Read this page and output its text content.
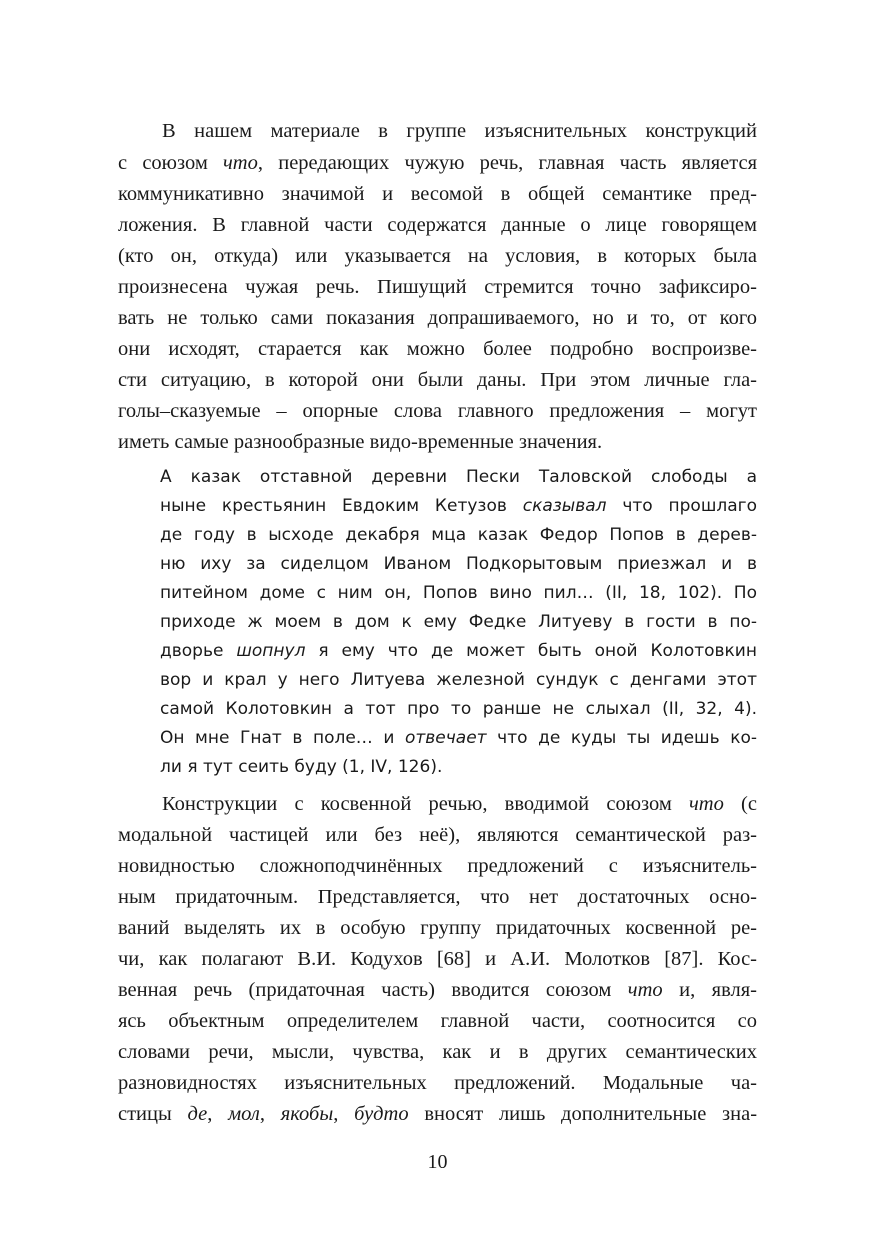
В нашем материале в группе изъяснительных конструкций
с союзом что, передающих чужую речь, главная часть является
коммуникативно значимой и весомой в общей семантике пред-
ложения. В главной части содержатся данные о лице говорящем
(кто он, откуда) или указывается на условия, в которых была
произнесена чужая речь. Пишущий стремится точно зафиксиро-
вать не только сами показания допрашиваемого, но и то, от кого
они исходят, старается как можно более подробно воспроизве-
сти ситуацию, в которой они были даны. При этом личные гла-
голы–сказуемые – опорные слова главного предложения – могут
иметь самые разнообразные видо-временные значения.
А казак отставной деревни Пески Таловской слободы а
ныне крестьянин Евдоким Кетузов сказывал что прошлаго
де году в ысходе декабря мца казак Федор Попов в дерев-
ню иху за сиделцом Иваном Подкорытовым приезжал и в
питейном доме с ним он, Попов вино пил… (II, 18, 102). По
приходе ж моем в дом к ему Федке Литуеву в гости в по-
дворье шопнул я ему что де может быть оной Колотовкин
вор и крал у него Литуева железной сундук с денгами этот
самой Колотовкин а тот про то ранше не слыхал (II, 32, 4).
Он мне Гнат в поле… и отвечает что де куды ты идешь ко-
ли я тут сеить буду (1, IV, 126).
Конструкции с косвенной речью, вводимой союзом что (с
модальной частицей или без неё), являются семантической раз-
новидностью сложноподчинённых предложений с изъяснитель-
ным придаточным. Представляется, что нет достаточных осно-
ваний выделять их в особую группу придаточных косвенной ре-
чи, как полагают В.И. Кодухов [68] и А.И. Молотков [87]. Кос-
венная речь (придаточная часть) вводится союзом что и, явля-
ясь объектным определителем главной части, соотносится со
словами речи, мысли, чувства, как и в других семантических
разновидностях изъяснительных предложений. Модальные ча-
стицы де, мол, якобы, будто вносят лишь дополнительные зна-
10
